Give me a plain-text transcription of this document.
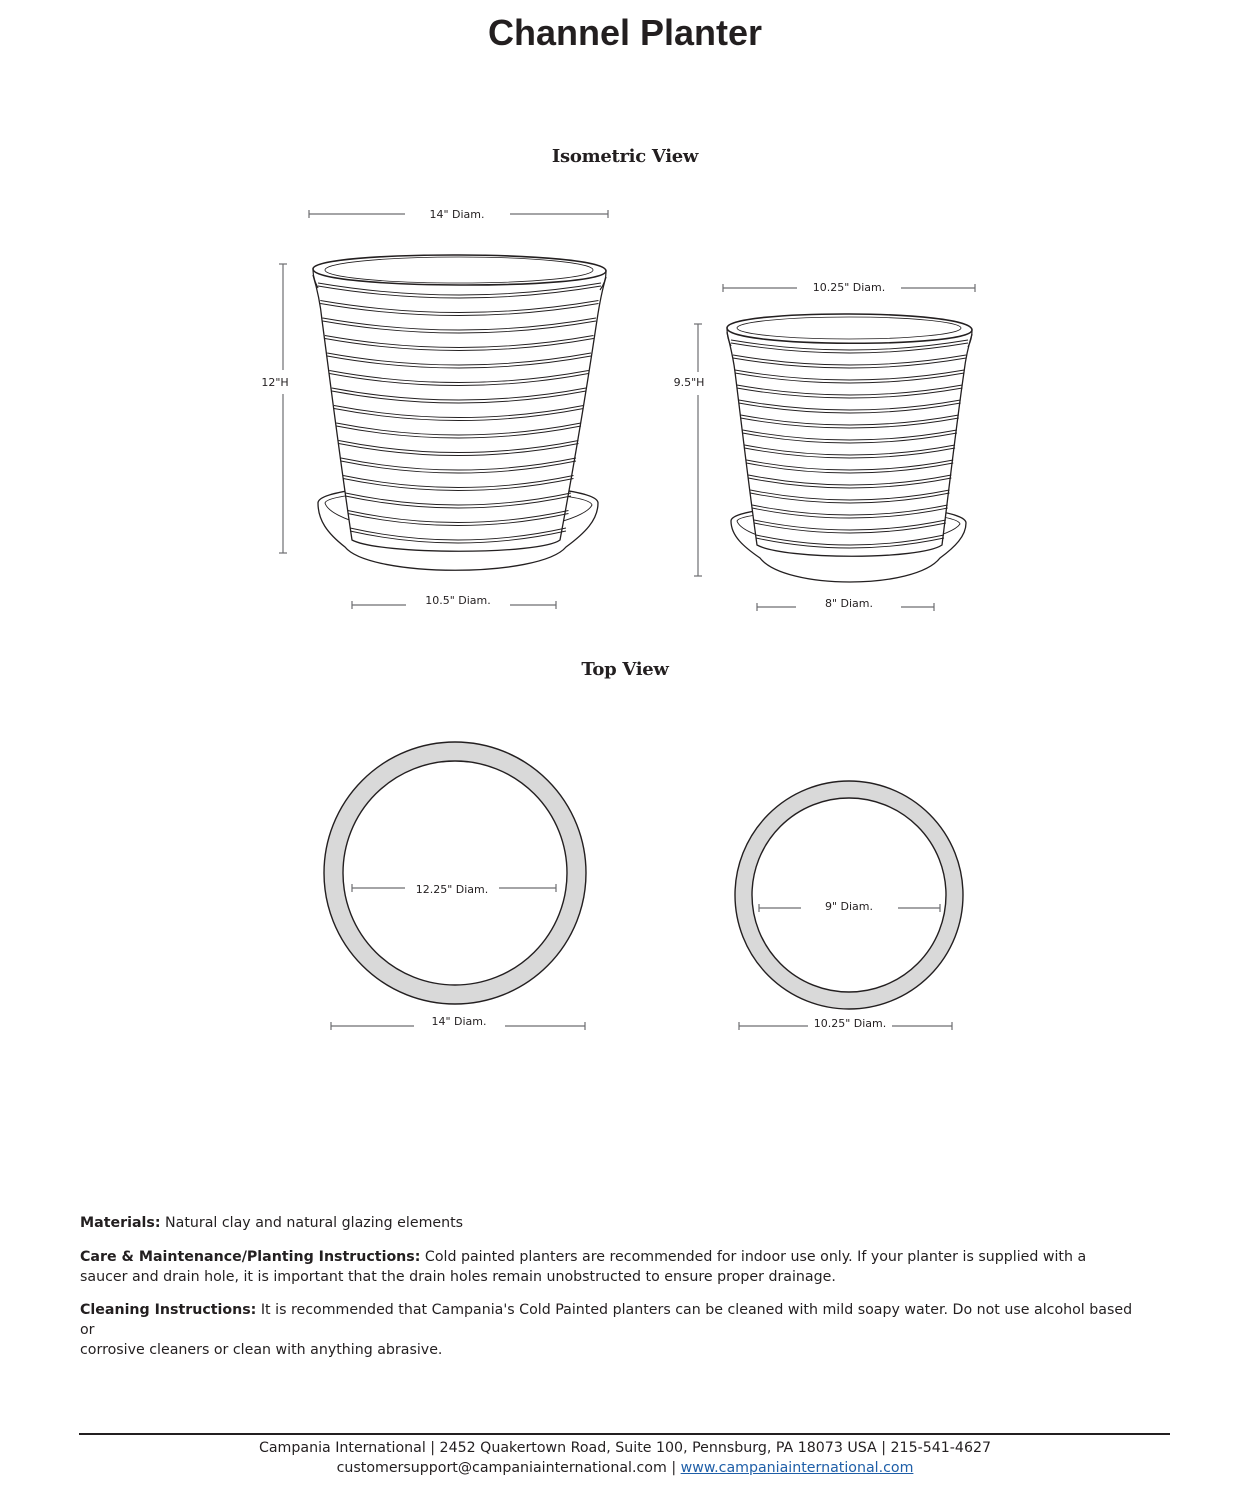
Channel Planter
Isometric View
14" Diam.
12"H
10.5" Diam.
10.25" Diam.
9.5"H
8" Diam.
12.25" Diam.
14" Diam.
9" Diam.
10.25" Diam.
Top View
Materials: Natural clay and natural glazing elements
Care & Maintenance/Planting Instructions: Cold painted planters are recommended for indoor use only. If your planter is supplied with a
saucer and drain hole, it is important that the drain holes remain unobstructed to ensure proper drainage.
Cleaning Instructions: It is recommended that Campania's Cold Painted planters can be cleaned with mild soapy water. Do not use alcohol based or
corrosive cleaners or clean with anything abrasive.
Campania International | 2452 Quakertown Road, Suite 100, Pennsburg, PA 18073 USA | 215-541-4627
customersupport@campaniainternational.com | www.campaniainternational.com
